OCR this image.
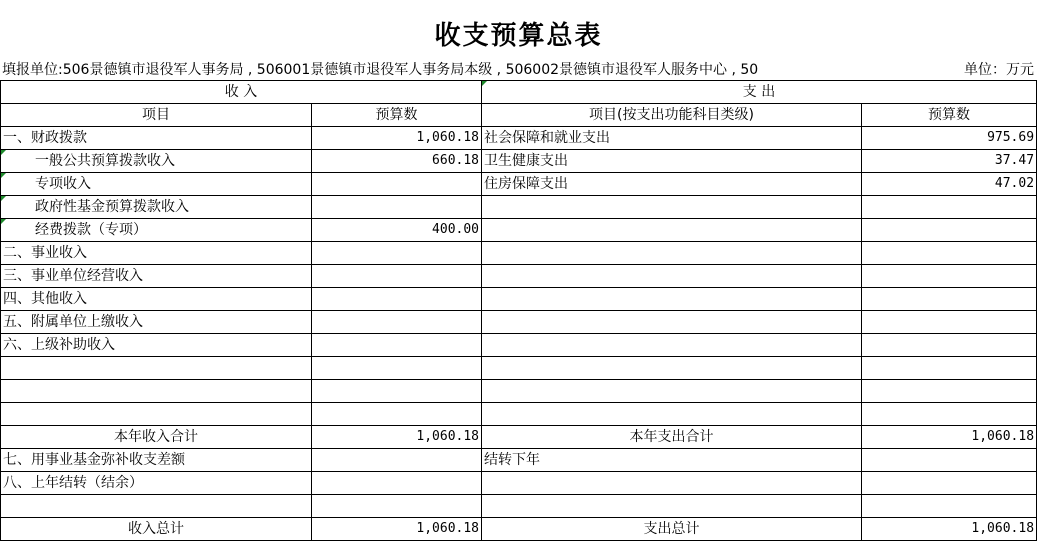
收支预算总表
填报单位:506景德镇市退役军人事务局 , 506001景德镇市退役军人事务局本级 , 506002景德镇市退役军人服务中心 , 50	单位：万元
收 入		支 出	
项目	预算数	项目(按支出功能科目类级)	预算数
一、财政拨款	1,060.18	社会保障和就业支出	975.69

一般公共预算拨款收入	660.18	卫生健康支出	37.47

专项收入		住房保障支出	47.02

政府性基金预算拨款收入			

经费拨款（专项）	400.00		
二、事业收入			
三、事业单位经营收入			
四、其他收入			
五、附属单位上缴收入			
六、上级补助收入			

本年收入合计	1,060.18	本年支出合计	1,060.18
七、用事业基金弥补收支差额		结转下年	
八、上年结转（结余）			

收入总计	1,060.18	支出总计	1,060.18
